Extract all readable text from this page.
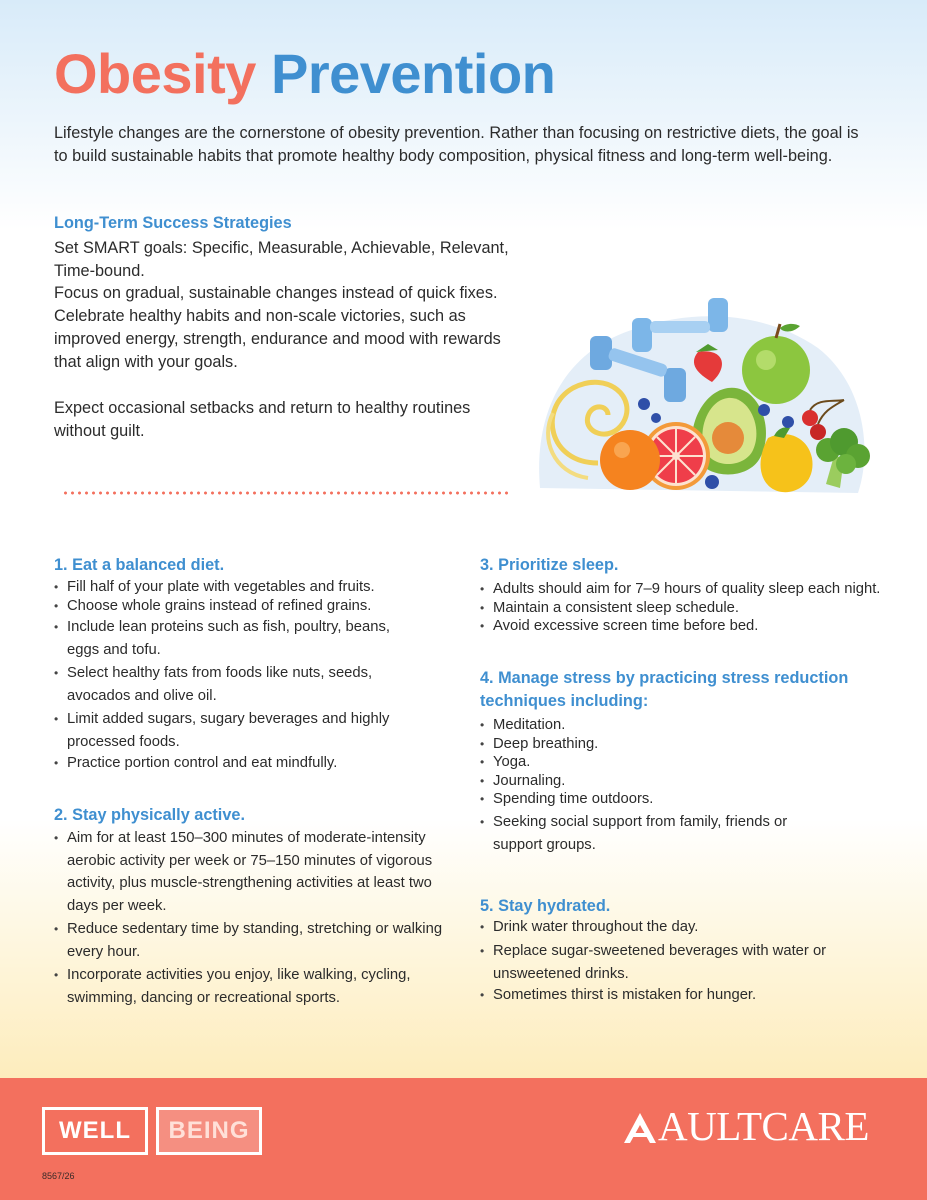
Obesity Prevention

Lifestyle changes are the cornerstone of obesity prevention. Rather than focusing on restrictive diets, the goal is to build sustainable habits that promote healthy body composition, physical fitness and long-term well-being.

Long-Term Success Strategies

Set SMART goals: Specific, Measurable, Achievable, Relevant, Time-bound.

Focus on gradual, sustainable changes instead of quick fixes. Celebrate healthy habits and non-scale victories, such as improved energy, strength, endurance and mood with rewards that align with your goals.

Expect occasional setbacks and return to healthy routines without guilt.

1. Eat a balanced diet.
• Fill half of your plate with vegetables and fruits.
• Choose whole grains instead of refined grains.
• Include lean proteins such as fish, poultry, beans, eggs and tofu.
• Select healthy fats from foods like nuts, seeds, avocados and olive oil.
• Limit added sugars, sugary beverages and highly processed foods.
• Practice portion control and eat mindfully.
2. Stay physically active.
• Aim for at least 150–300 minutes of moderate-intensity aerobic activity per week or 75–150 minutes of vigorous activity, plus muscle-strengthening activities at least two days per week.
• Reduce sedentary time by standing, stretching or walking every hour.
• Incorporate activities you enjoy, like walking, cycling, swimming, dancing or recreational sports.
3. Prioritize sleep.
• Adults should aim for 7–9 hours of quality sleep each night.
• Maintain a consistent sleep schedule.
• Avoid excessive screen time before bed.
4. Manage stress by practicing stress reduction techniques including:
• Meditation.
• Deep breathing.
• Yoga.
• Journaling.
• Spending time outdoors.
• Seeking social support from family, friends or support groups.
5. Stay hydrated.
• Drink water throughout the day.
• Replace sugar-sweetened beverages with water or unsweetened drinks.
• Sometimes thirst is mistaken for hunger.
WELL	BEING
8567/26
AULTCARE
